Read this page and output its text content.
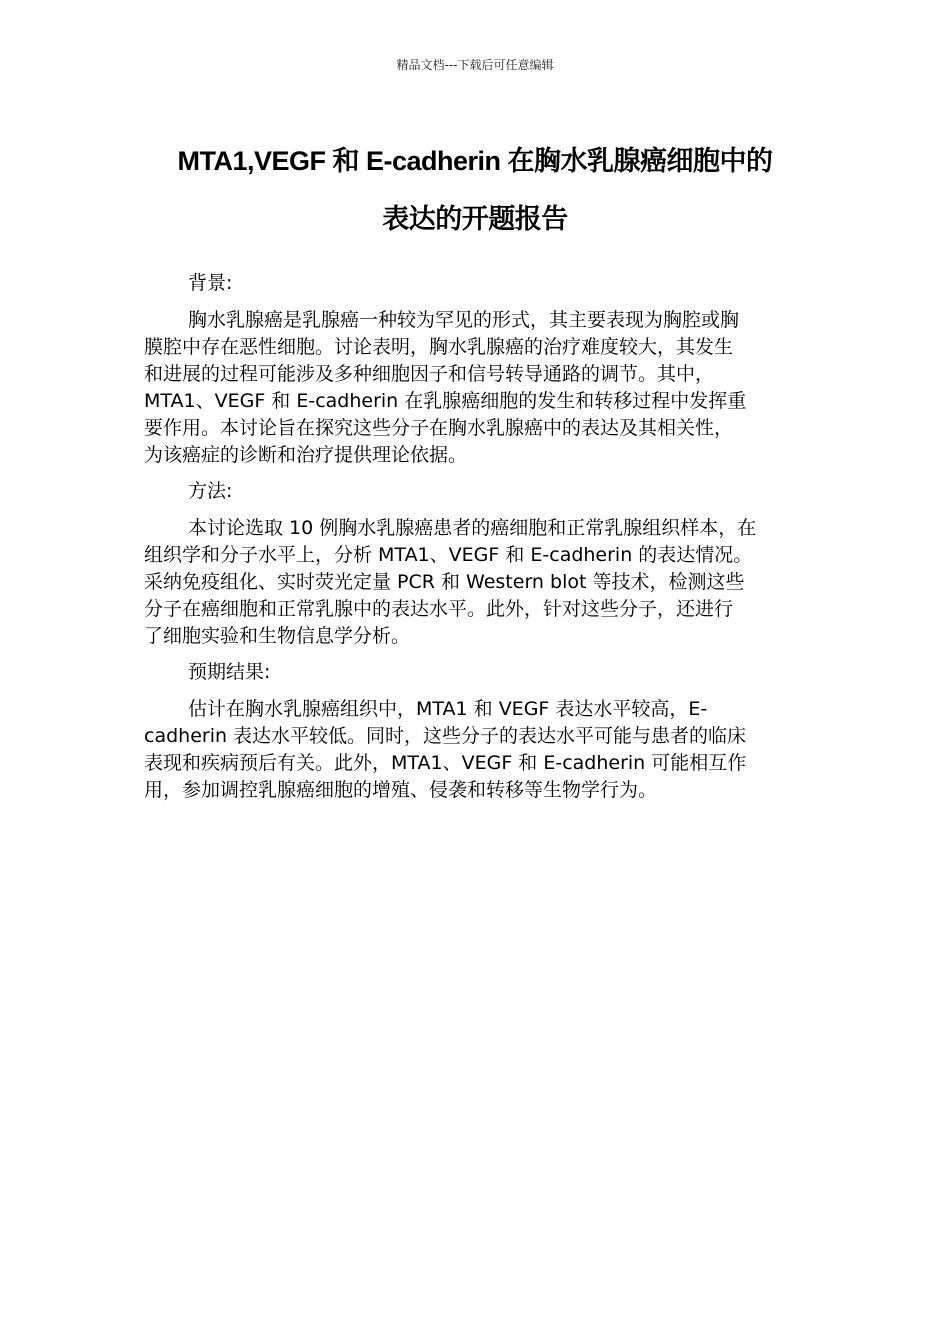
精品文档---下载后可任意编辑
MTA1,VEGF 和 E-cadherin 在胸水乳腺癌细胞中的
表达的开题报告

背景:

胸水乳腺癌是乳腺癌一种较为罕见的形式，其主要表现为胸腔或胸
膜腔中存在恶性细胞。讨论表明，胸水乳腺癌的治疗难度较大，其发生
和进展的过程可能涉及多种细胞因子和信号转导通路的调节。其中，
MTA1、VEGF 和 E-cadherin 在乳腺癌细胞的发生和转移过程中发挥重
要作用。本讨论旨在探究这些分子在胸水乳腺癌中的表达及其相关性，
为该癌症的诊断和治疗提供理论依据。

方法:

本讨论选取 10 例胸水乳腺癌患者的癌细胞和正常乳腺组织样本，在
组织学和分子水平上，分析 MTA1、VEGF 和 E-cadherin 的表达情况。
采纳免疫组化、实时荧光定量 PCR 和 Western blot 等技术，检测这些
分子在癌细胞和正常乳腺中的表达水平。此外，针对这些分子，还进行
了细胞实验和生物信息学分析。

预期结果:

估计在胸水乳腺癌组织中，MTA1 和 VEGF 表达水平较高，E-
cadherin 表达水平较低。同时，这些分子的表达水平可能与患者的临床
表现和疾病预后有关。此外，MTA1、VEGF 和 E-cadherin 可能相互作
用，参加调控乳腺癌细胞的增殖、侵袭和转移等生物学行为。
